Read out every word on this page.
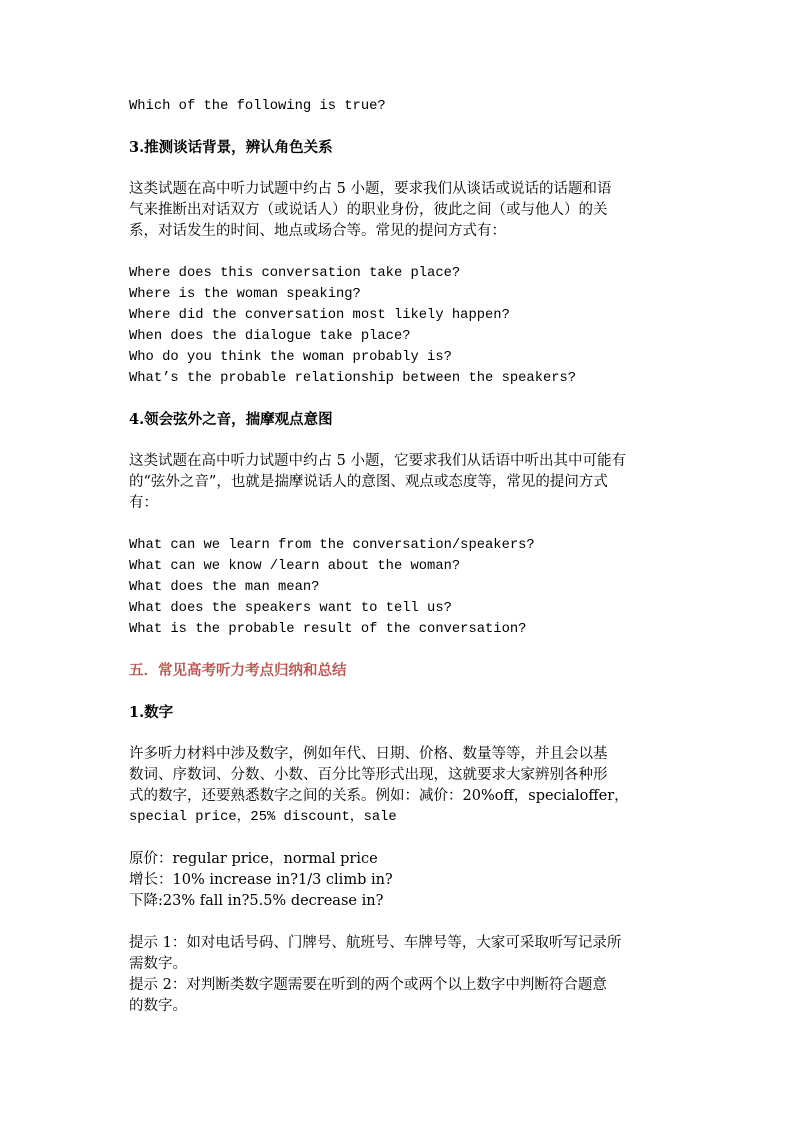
Which of the following is true?
3.推测谈话背景，辨认角色关系
这类试题在高中听力试题中约占 5 小题，要求我们从谈话或说话的话题和语
气来推断出对话双方（或说话人）的职业身份，彼此之间（或与他人）的关
系，对话发生的时间、地点或场合等。常见的提问方式有：
Where does this conversation take place?
Where is the woman speaking?
Where did the conversation most likely happen?
When does the dialogue take place?
Who do you think the woman probably is?
What’s the probable relationship between the speakers?
4.领会弦外之音，揣摩观点意图
这类试题在高中听力试题中约占 5 小题，它要求我们从话语中听出其中可能有
的“弦外之音”，也就是揣摩说话人的意图、观点或态度等，常见的提问方式
有：
What can we learn from the conversation/speakers?
What can we know /learn about the woman?
What does the man mean?
What does the speakers want to tell us?
What is the probable result of the conversation?
五．常见高考听力考点归纳和总结
1.数字
许多听力材料中涉及数字，例如年代、日期、价格、数量等等，并且会以基
数词、序数词、分数、小数、百分比等形式出现，这就要求大家辨别各种形
式的数字，还要熟悉数字之间的关系。例如：减价：20%off，specialoffer，
special price，25% discount，sale
原价：regular price，normal price
增长：10% increase in?1/3 climb in?
下降:23% fall in?5.5% decrease in?
提示 1：如对电话号码、门牌号、航班号、车牌号等，大家可采取听写记录所
需数字。
提示 2：对判断类数字题需要在听到的两个或两个以上数字中判断符合题意
的数字。
